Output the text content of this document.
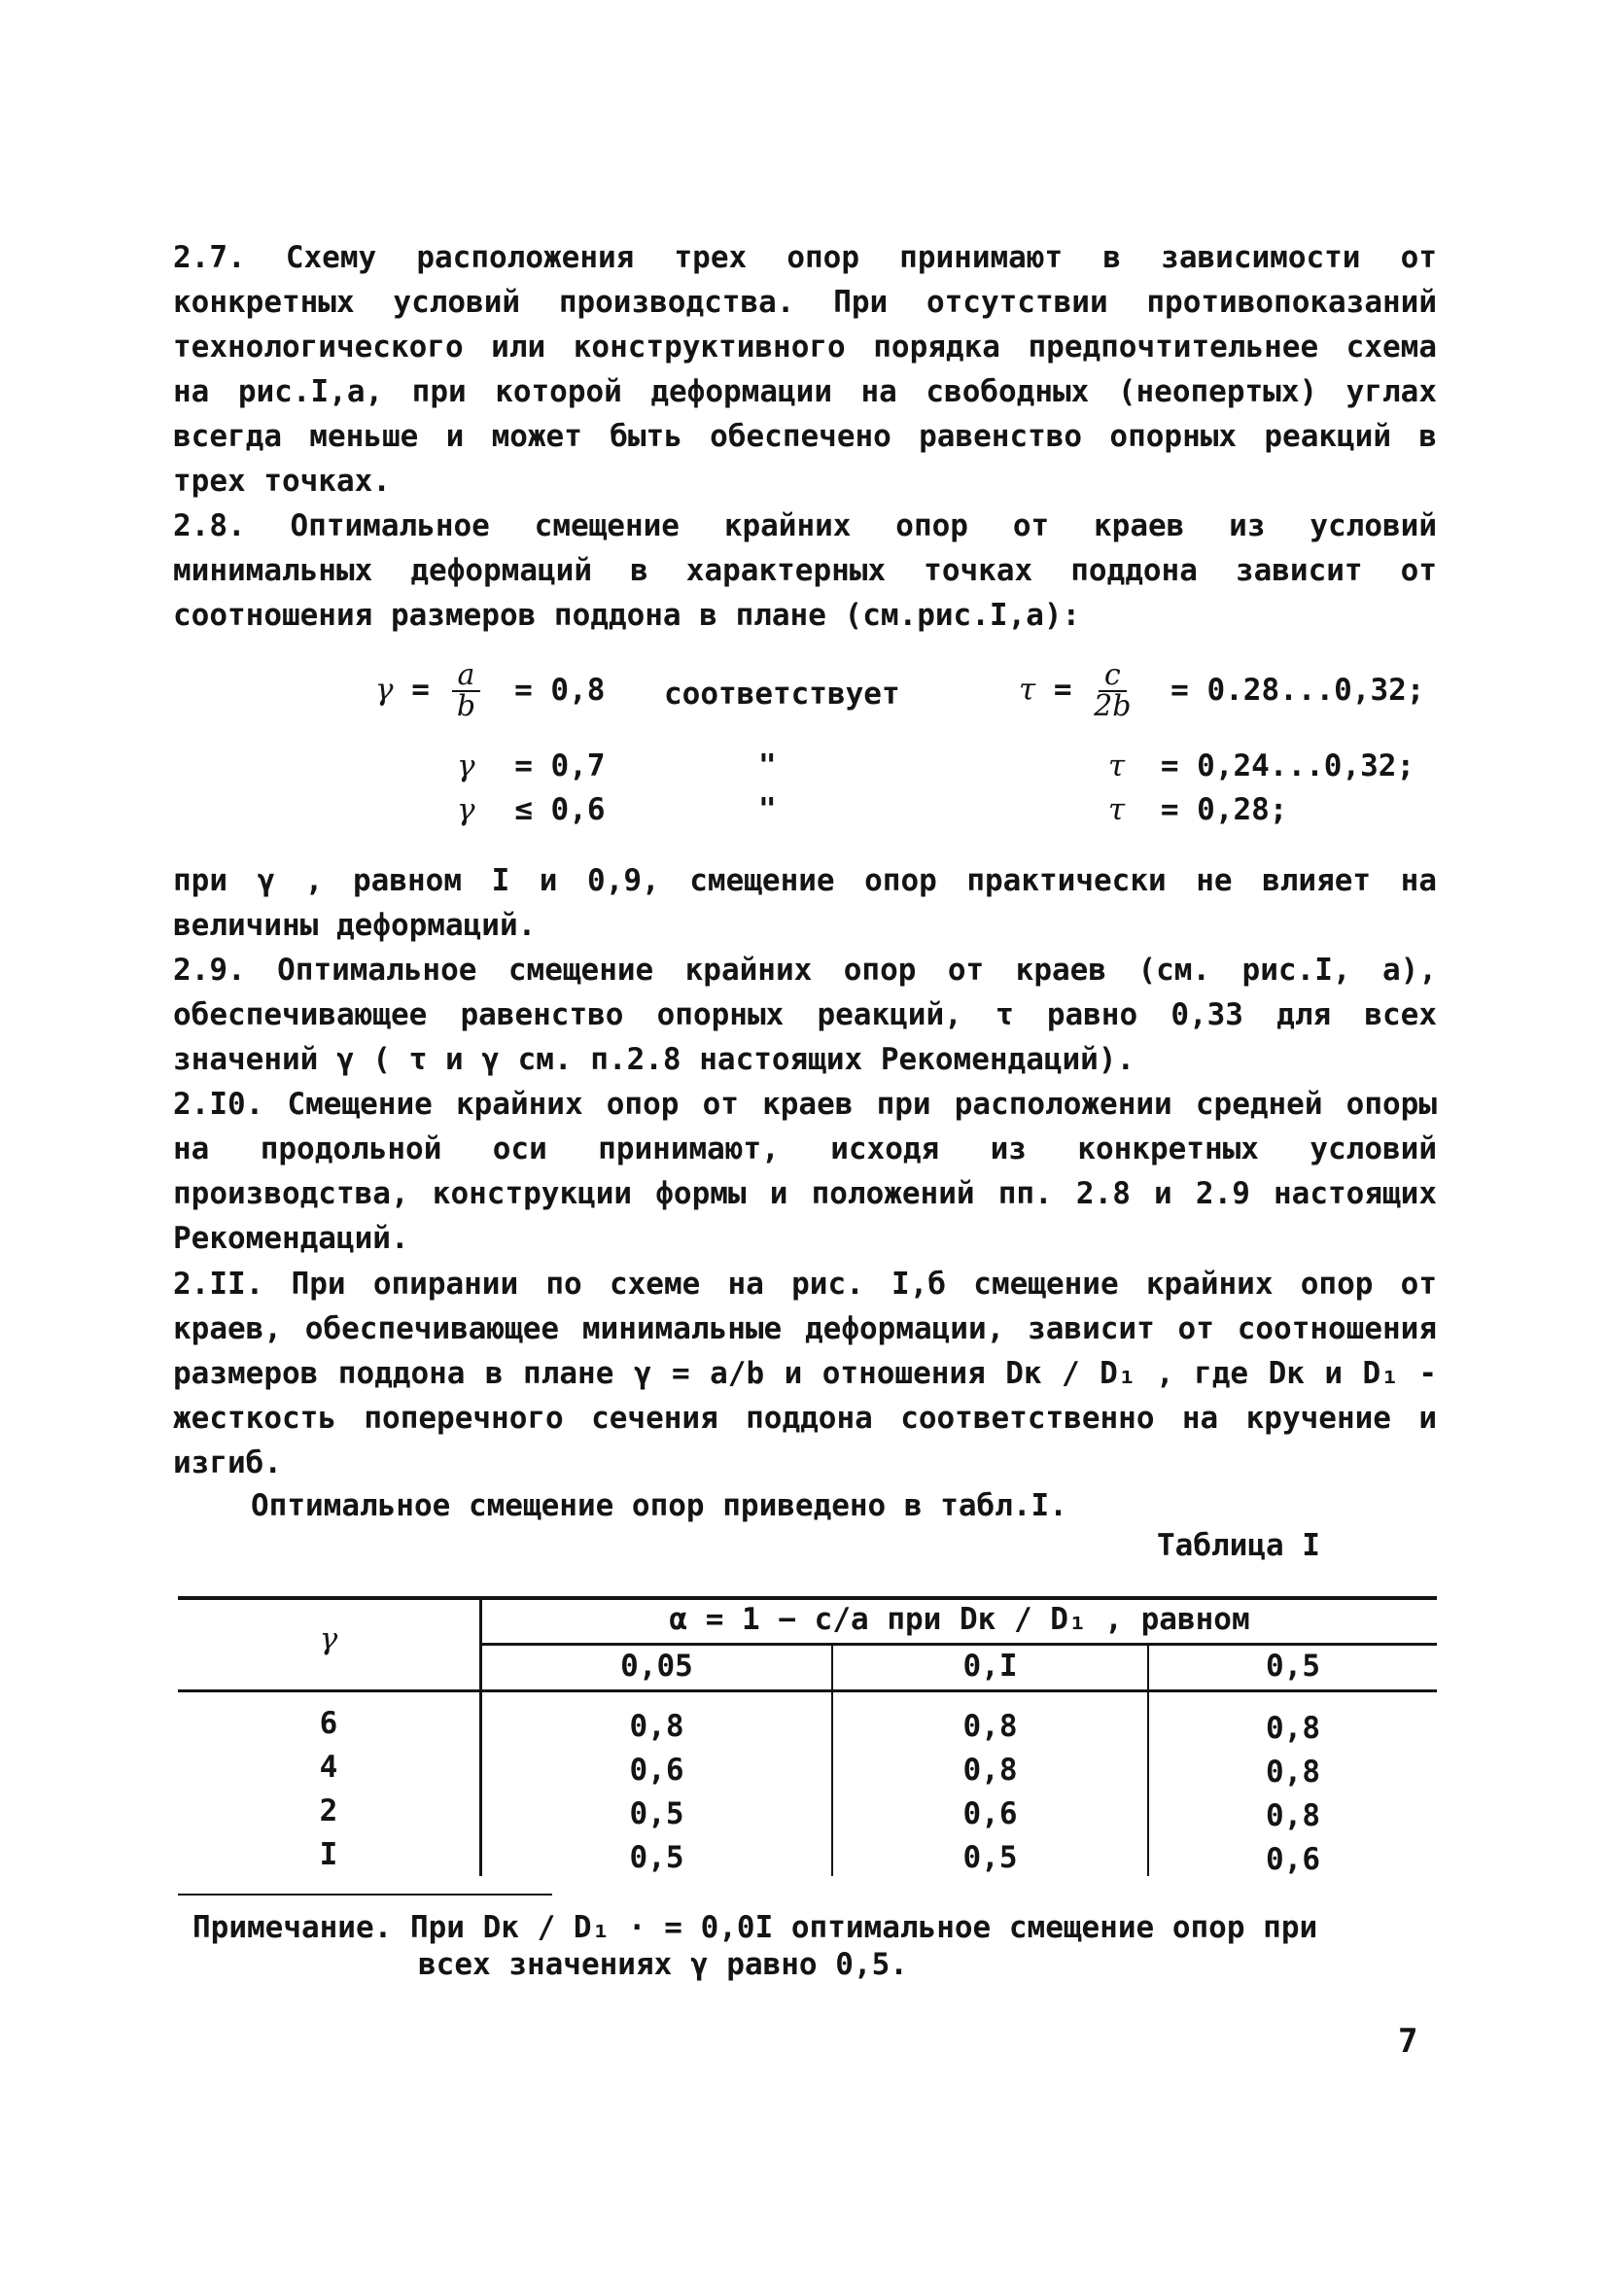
2.7. Схему расположения трех опор принимают в зависимости от конкретных условий производства. При отсутствии противопоказаний технологического или конструктивного порядка предпочтительнее схема на рис.I,а, при которой деформации на свободных (неопертых) углах всегда меньше и может быть обеспечено равенство опорных реакций в трех точках.

2.8. Оптимальное смещение крайних опор от краев из условий минимальных деформаций в характерных точках поддона зависит от соотношения размеров поддона в плане (см.рис.I,а):

$\gamma = \frac{a}{b} = 0,8$ соответствует	$\tau = \frac{c}{2b} = 0.28...0,32$;
γ = 0,7	"	τ = 0,24...0,32;
γ ≤ 0,6	"	τ = 0,28;

при γ , равном I и 0,9, смещение опор практически не влияет на величины деформаций.

2.9. Оптимальное смещение крайних опор от краев (см. рис.I, а), обеспечивающее равенство опорных реакций, τ равно 0,33 для всех значений γ ( τ и γ см. п.2.8 настоящих Рекомендаций).

2.I0. Смещение крайних опор от краев при расположении средней опоры на продольной оси принимают, исходя из конкретных условий производства, конструкции формы и положений пп. 2.8 и 2.9 настоящих Рекомендаций.

2.II. При опирании по схеме на рис. I,б смещение крайних опор от краев, обеспечивающее минимальные деформации, зависит от соотношения размеров поддона в плане γ = a/b и отношения Dк / D₁ , где Dк и D₁ - жесткость поперечного сечения поддона соответственно на кручение и изгиб.

Оптимальное смещение опор приведено в табл.I.

Таблица I
γ
α = 1 − c/a при Dк / D₁ , равном
0,05	0,I	0,5
6	0,8	0,8	0,8
4	0,6	0,8	0,8
2	0,5	0,6	0,8
I	0,5	0,5	0,6
Примечание. При Dк / D₁ · = 0,0I оптимальное смещение опор при
всех значениях γ равно 0,5.
7
